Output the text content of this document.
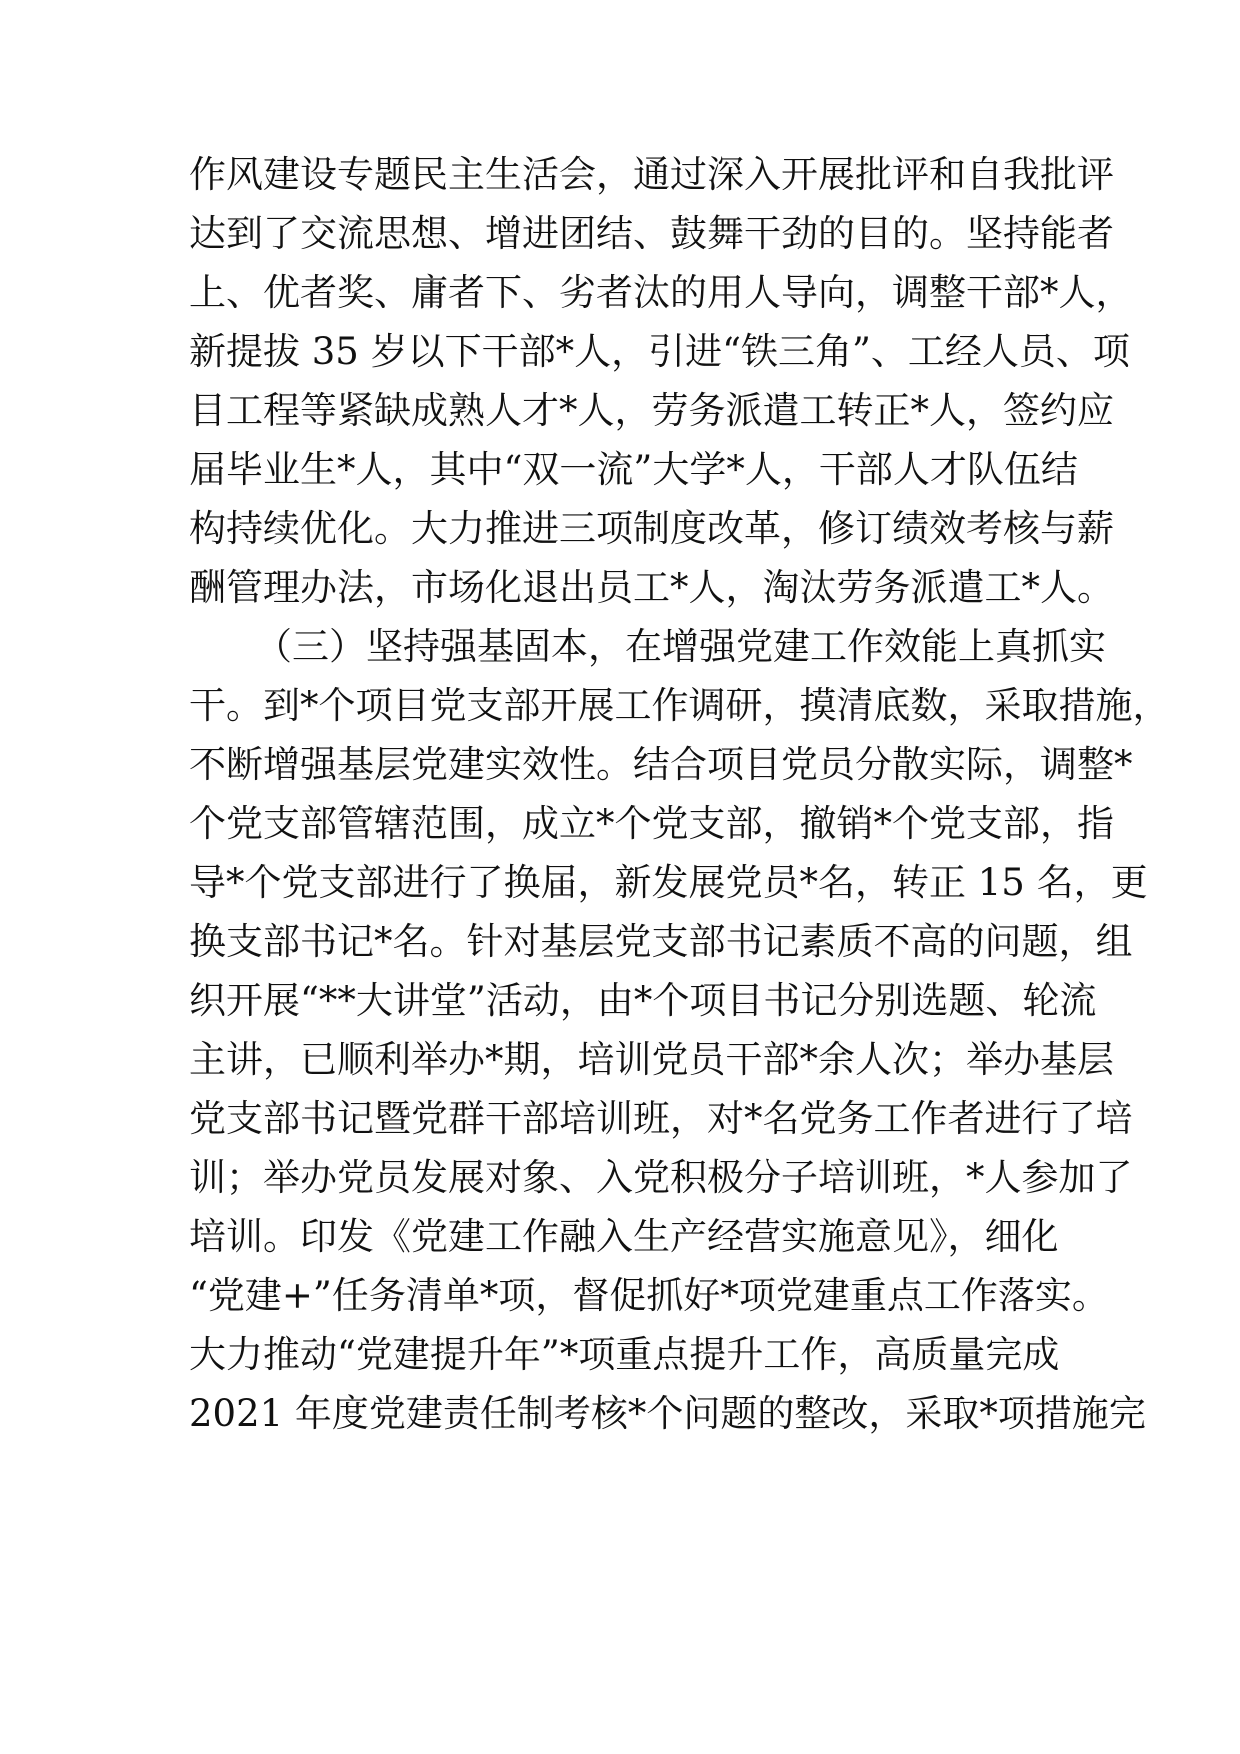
作风建设专题民主生活会，通过深入开展批评和自我批评
达到了交流思想、增进团结、鼓舞干劲的目的。坚持能者
上、优者奖、庸者下、劣者汰的用人导向，调整干部*人，
新提拔 35 岁以下干部*人，引进“铁三角”、工经人员、项
目工程等紧缺成熟人才*人，劳务派遣工转正*人，签约应
届毕业生*人，其中“双一流”大学*人，干部人才队伍结
构持续优化。大力推进三项制度改革，修订绩效考核与薪
酬管理办法，市场化退出员工*人，淘汰劳务派遣工*人。
（三）坚持强基固本，在增强党建工作效能上真抓实
干。到*个项目党支部开展工作调研，摸清底数，采取措施，
不断增强基层党建实效性。结合项目党员分散实际，调整*
个党支部管辖范围，成立*个党支部，撤销*个党支部，指
导*个党支部进行了换届，新发展党员*名，转正 15 名，更
换支部书记*名。针对基层党支部书记素质不高的问题，组
织开展“**大讲堂”活动，由*个项目书记分别选题、轮流
主讲，已顺利举办*期，培训党员干部*余人次；举办基层
党支部书记暨党群干部培训班，对*名党务工作者进行了培
训；举办党员发展对象、入党积极分子培训班，*人参加了
培训。印发《党建工作融入生产经营实施意见》，细化
“党建+”任务清单*项，督促抓好*项党建重点工作落实。
大力推动“党建提升年”*项重点提升工作，高质量完成
2021 年度党建责任制考核*个问题的整改，采取*项措施完
